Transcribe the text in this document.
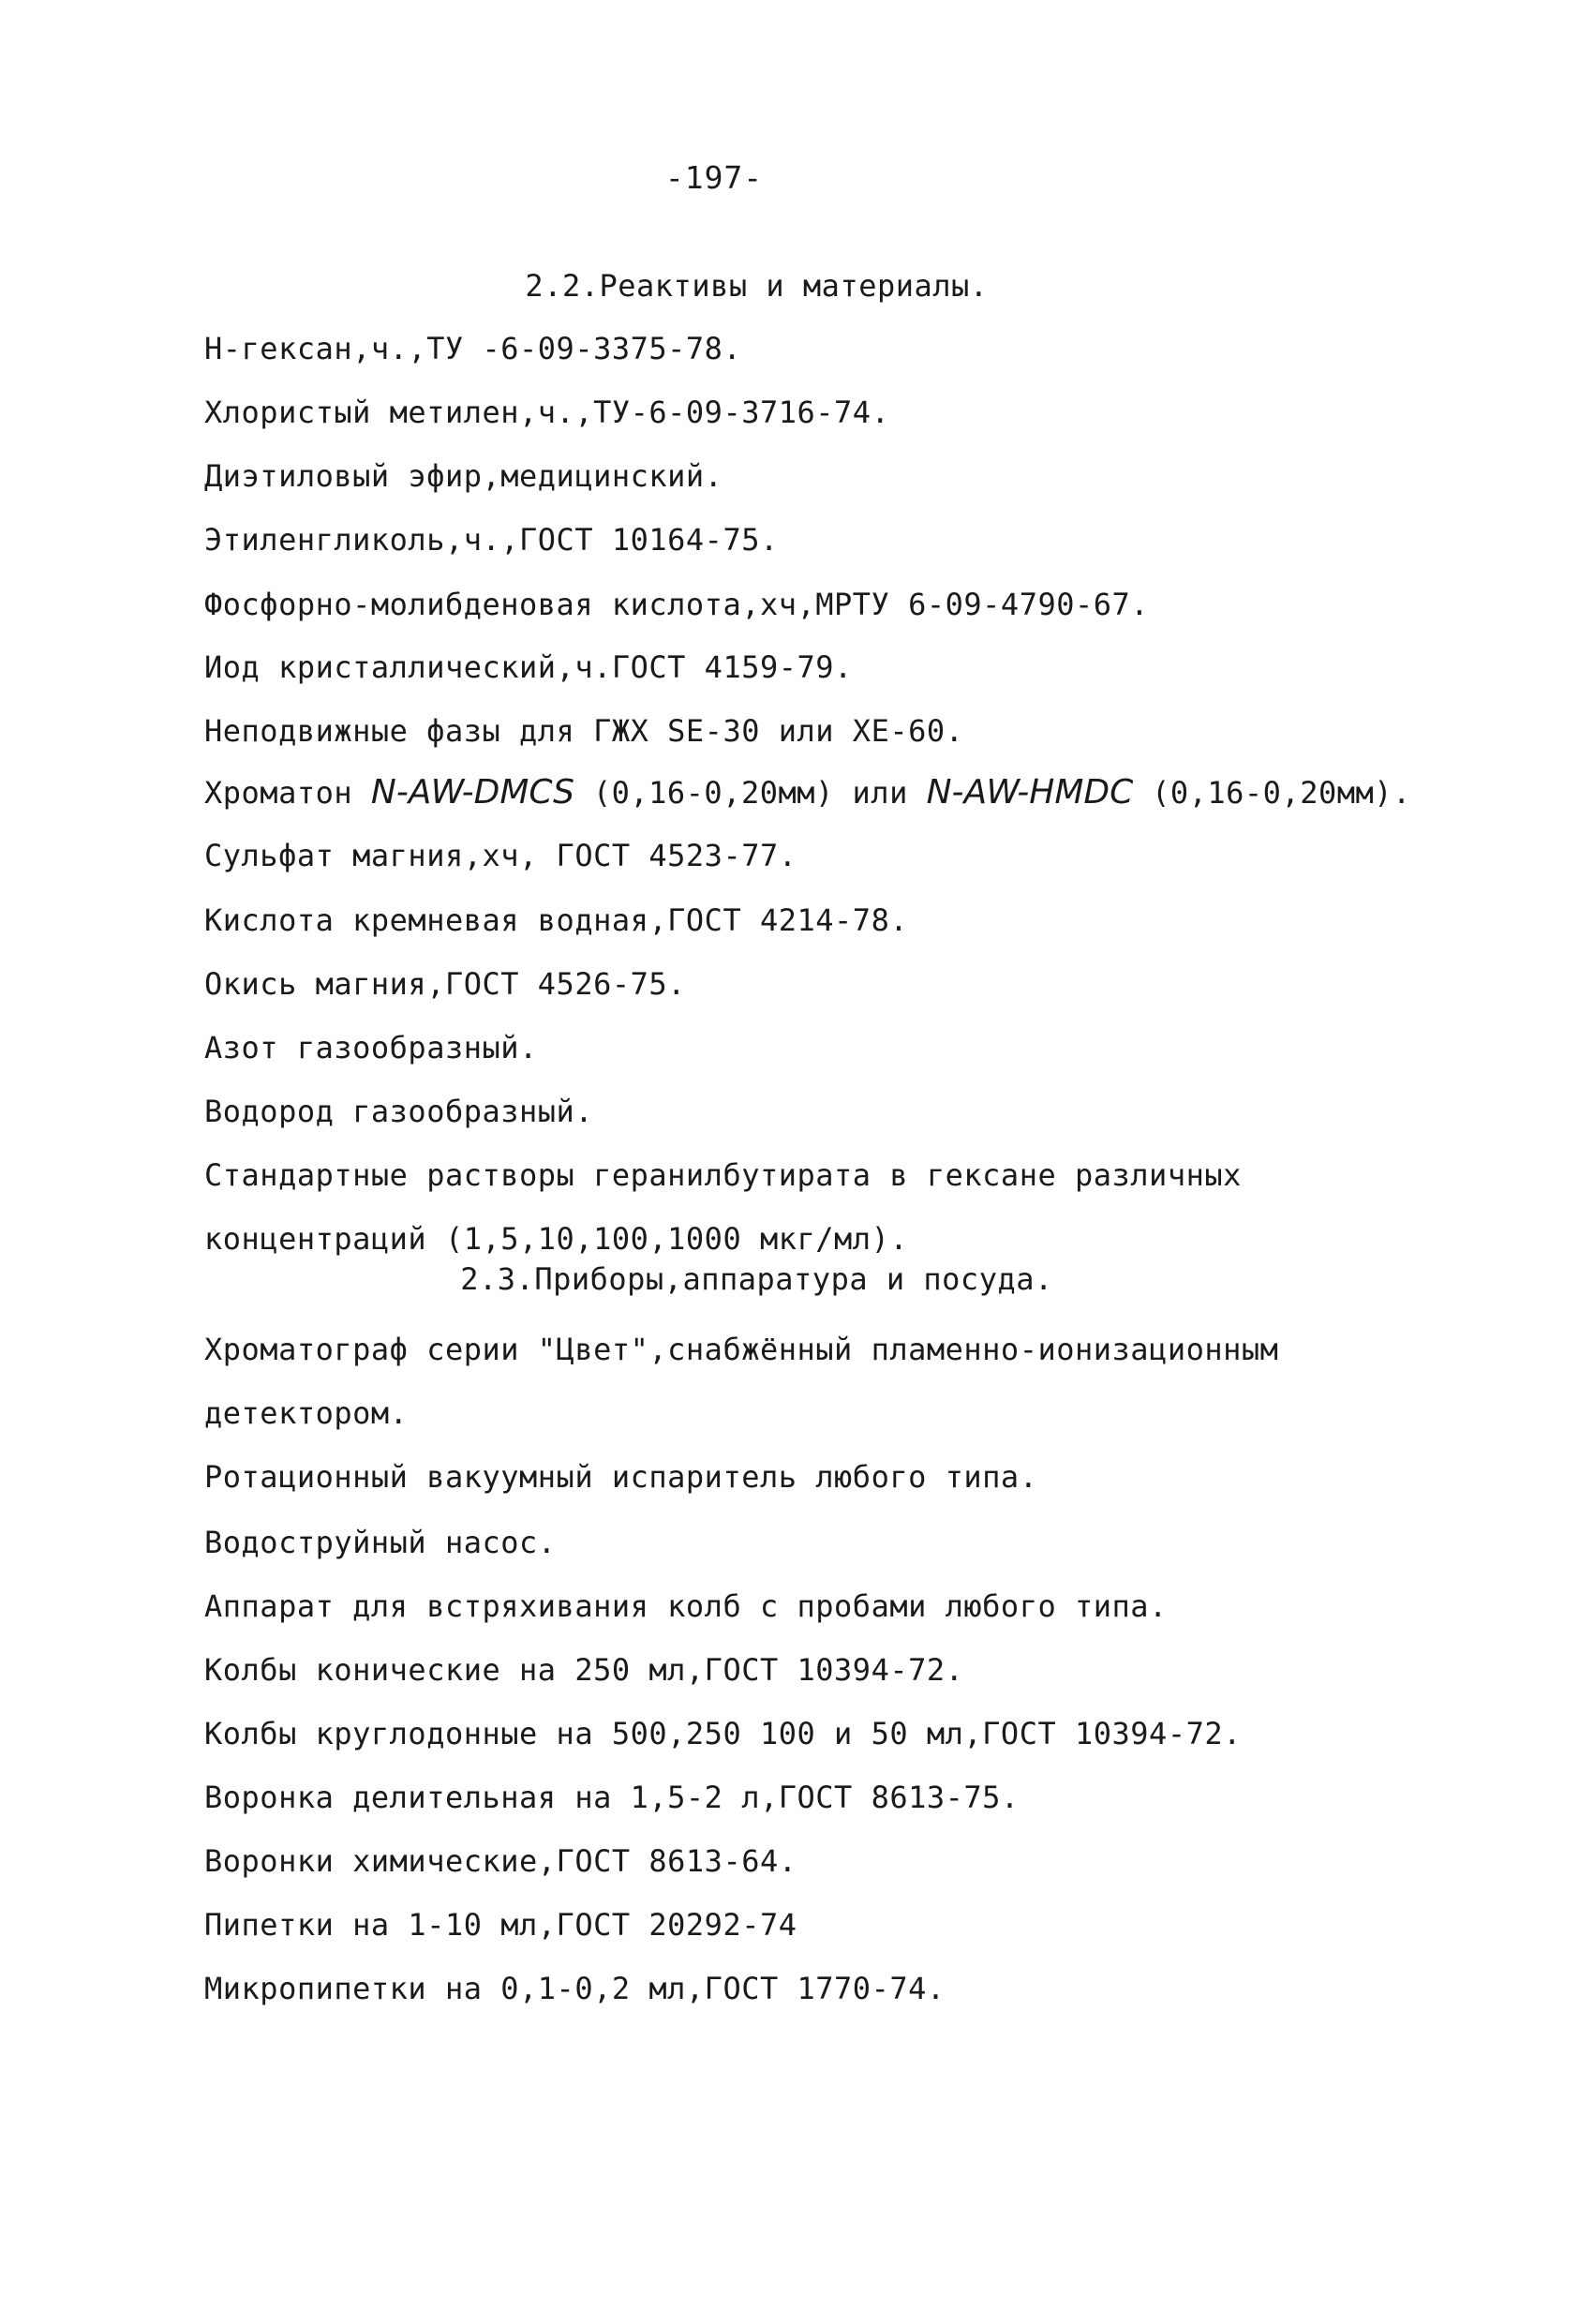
-197-
2.2.Реактивы и материалы.
Н-гексан,ч.,ТУ -6-09-3375-78.
Хлористый метилен,ч.,ТУ-6-09-3716-74.
Диэтиловый эфир,медицинский.
Этиленгликоль,ч.,ГОСТ 10164-75.
Фосфорно-молибденовая кислота,хч,МРТУ 6-09-4790-67.
Иод кристаллический,ч.ГОСТ 4159-79.
Неподвижные фазы для ГЖХ SE-30 или ХЕ-60.
Хроматон N-AW-DMCS (0,16-0,20мм) или N-AW-HMDC (0,16-0,20мм).
Сульфат магния,хч, ГОСТ 4523-77.
Кислота кремневая водная,ГОСТ 4214-78.
Окись магния,ГОСТ 4526-75.
Азот газообразный.
Водород газообразный.
Стандартные растворы геранилбутирата в гексане различных
концентраций (1,5,10,100,1000 мкг/мл).
2.3.Приборы,аппаратура и посуда.
Хроматограф серии "Цвет",снабжённый пламенно-ионизационным
детектором.
Ротационный вакуумный испаритель любого типа.
Водоструйный насос.
Аппарат для встряхивания колб с пробами любого типа.
Колбы конические на 250 мл,ГОСТ 10394-72.
Колбы круглодонные на 500,250 100 и 50 мл,ГОСТ 10394-72.
Воронка делительная на 1,5-2 л,ГОСТ 8613-75.
Воронки химические,ГОСТ 8613-64.
Пипетки на 1-10 мл,ГОСТ 20292-74
Микропипетки на 0,1-0,2 мл,ГОСТ 1770-74.
